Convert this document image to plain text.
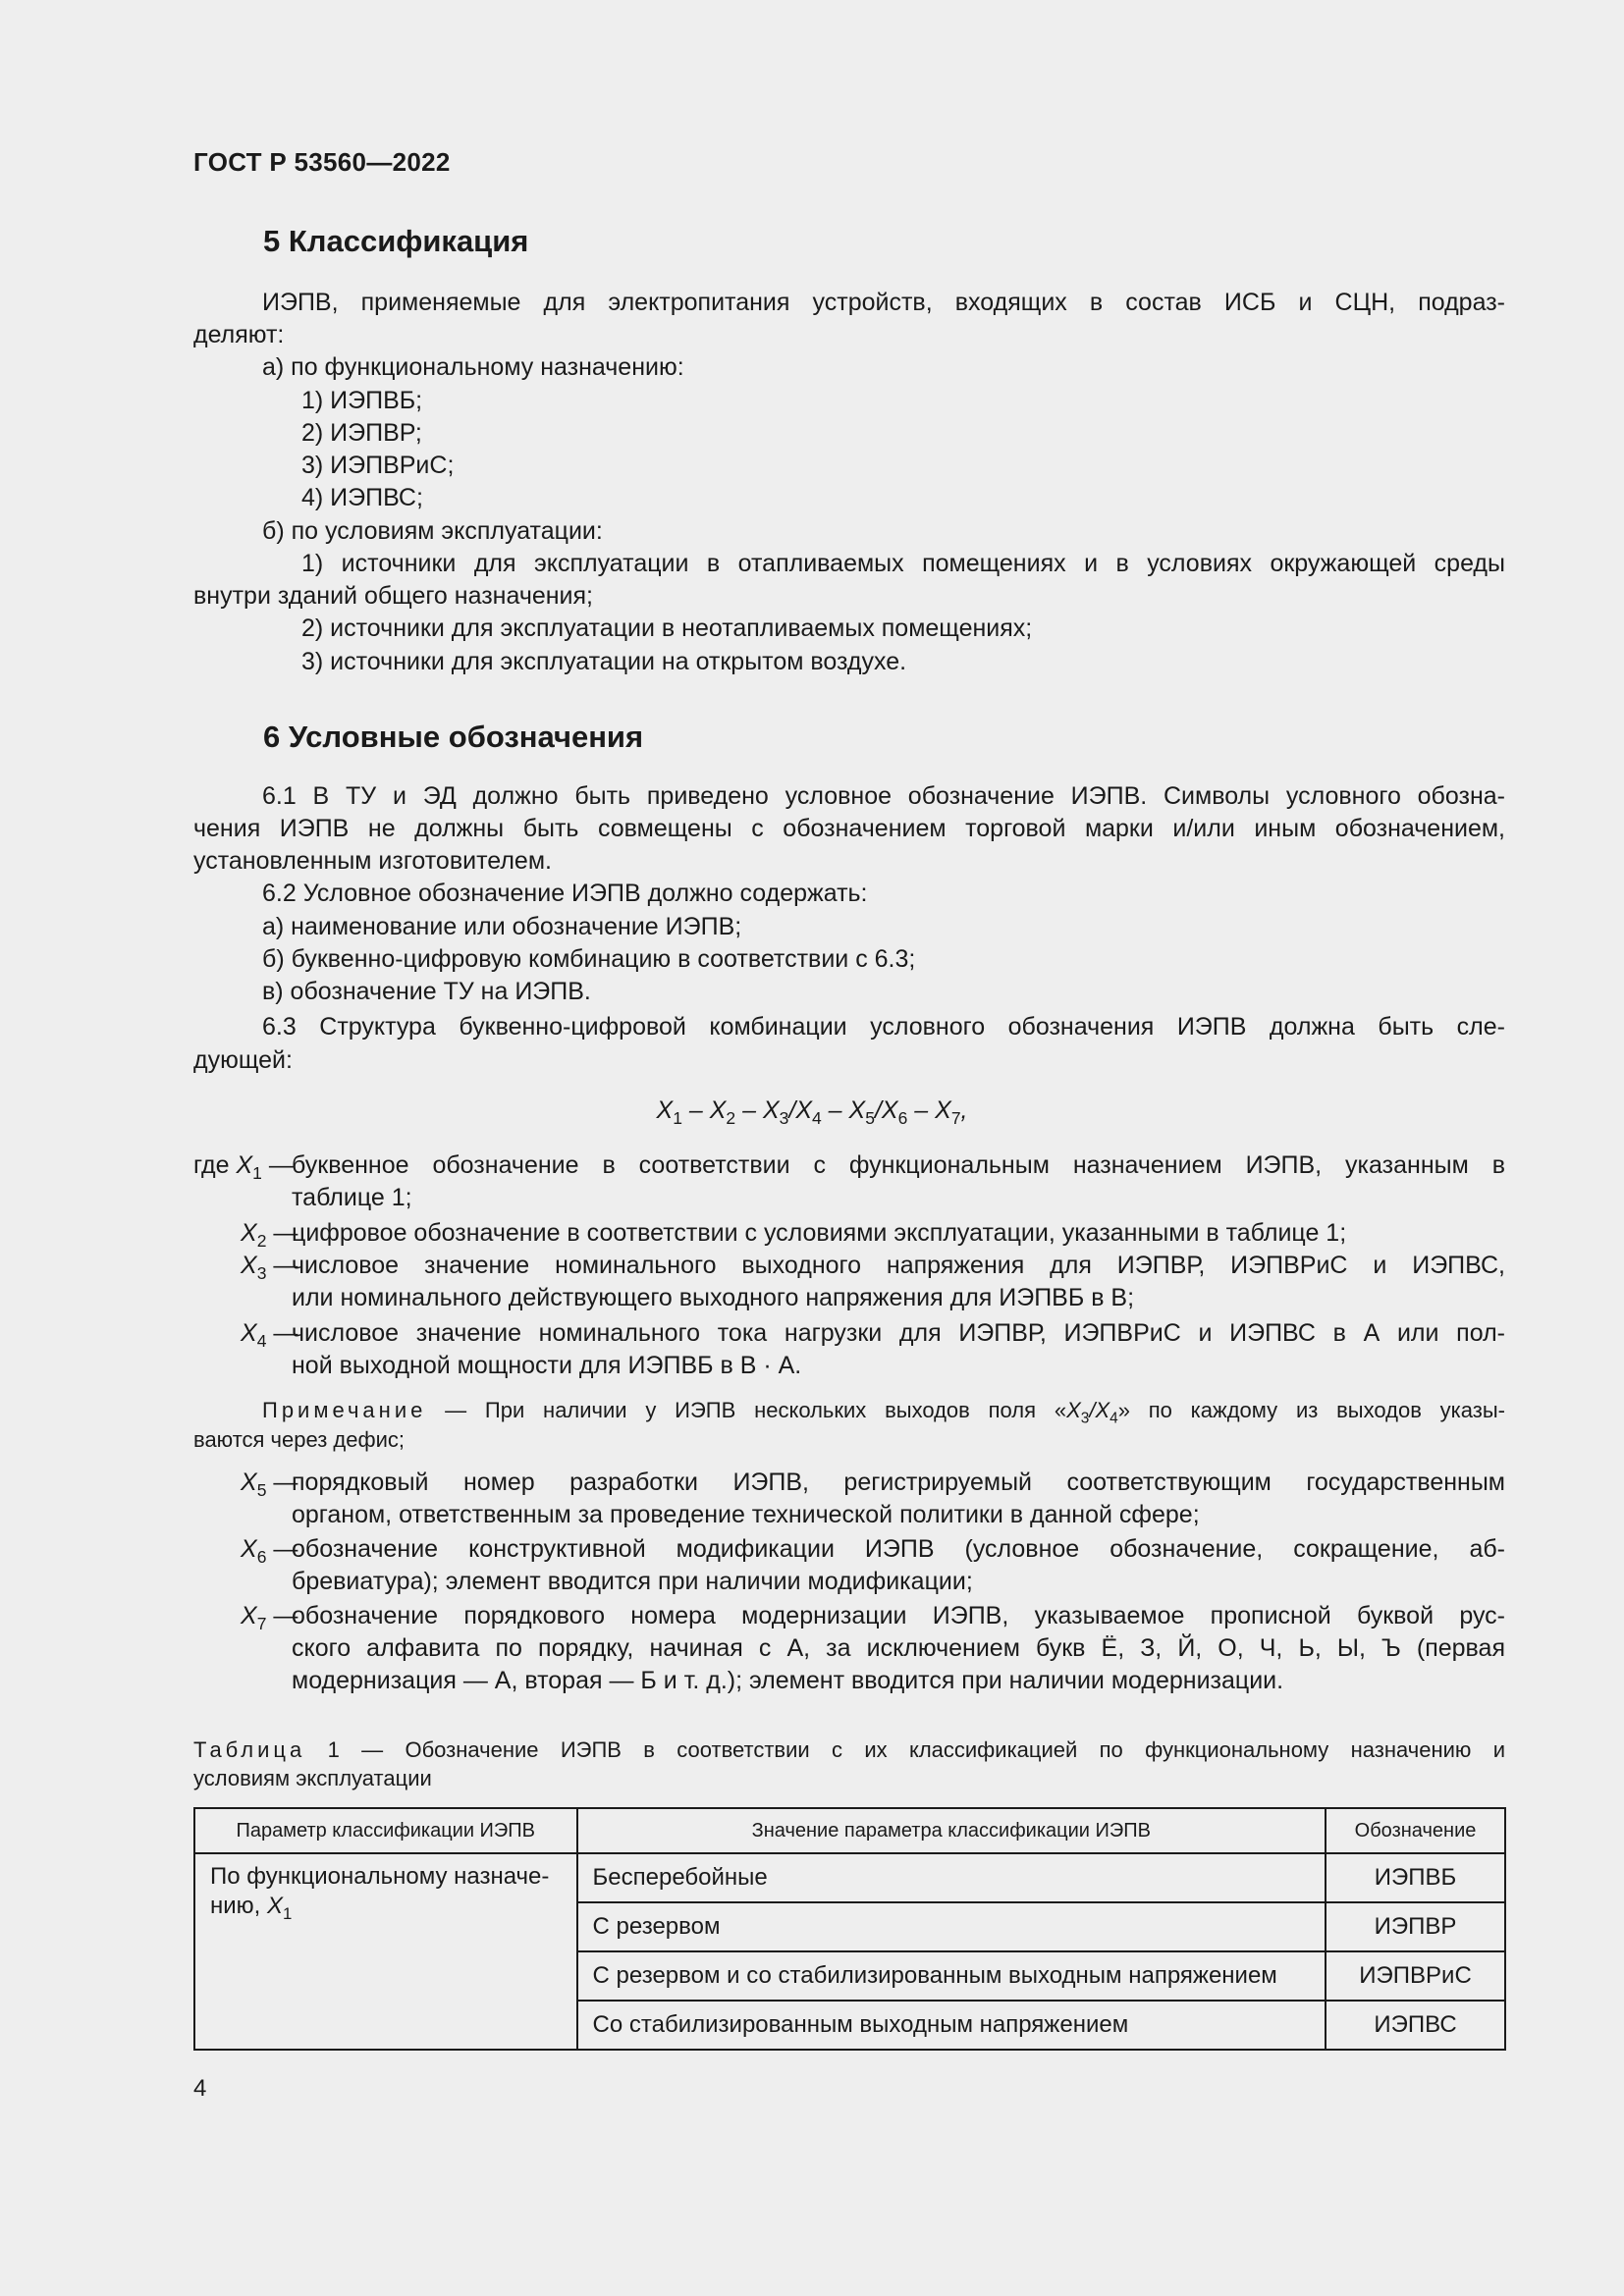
ГОСТ Р 53560—2022
5 Классификация
ИЭПВ, применяемые для электропитания устройств, входящих в состав ИСБ и СЦН, подраз-
деляют:
а) по функциональному назначению:
1) ИЭПВБ;
2) ИЭПВР;
3) ИЭПВРиС;
4) ИЭПВС;
б) по условиям эксплуатации:
1) источники для эксплуатации в отапливаемых помещениях и в условиях окружающей среды
внутри зданий общего назначения;
2) источники для эксплуатации в неотапливаемых помещениях;
3) источники для эксплуатации на открытом воздухе.
6 Условные обозначения
6.1 В ТУ и ЭД должно быть приведено условное обозначение ИЭПВ. Символы условного обозна-
чения ИЭПВ не должны быть совмещены с обозначением торговой марки и/или иным обозначением,
установленным изготовителем.
6.2 Условное обозначение ИЭПВ должно содержать:
а) наименование или обозначение ИЭПВ;
б) буквенно-цифровую комбинацию в соответствии с 6.3;
в) обозначение ТУ на ИЭПВ.
6.3 Структура буквенно-цифровой комбинации условного обозначения ИЭПВ должна быть сле-
дующей:
$X_1 - X_2 - X_3/X_4 - X_5/X_6 - X_7$,
где $X_1$ —
буквенное обозначение в соответствии с функциональным назначением ИЭПВ, указанным в
таблице 1;
$X_2$ —
цифровое обозначение в соответствии с условиями эксплуатации, указанными в таблице 1;
$X_3$ —
числовое значение номинального выходного напряжения для ИЭПВР, ИЭПВРиС и ИЭПВС,
или номинального действующего выходного напряжения для ИЭПВБ в В;
$X_4$ —
числовое значение номинального тока нагрузки для ИЭПВР, ИЭПВРиС и ИЭПВС в А или пол-
ной выходной мощности для ИЭПВБ в В · А.
Примечание — При наличии у ИЭПВ нескольких выходов поля «$X_3/X_4$» по каждому из выходов указы-
ваются через дефис;
$X_5$ —
порядковый номер разработки ИЭПВ, регистрируемый соответствующим государственным
органом, ответственным за проведение технической политики в данной сфере;
$X_6$ —
обозначение конструктивной модификации ИЭПВ (условное обозначение, сокращение, аб-
бревиатура); элемент вводится при наличии модификации;
$X_7$ —
обозначение порядкового номера модернизации ИЭПВ, указываемое прописной буквой рус-
ского алфавита по порядку, начиная с А, за исключением букв Ё, З, Й, О, Ч, Ь, Ы, Ъ (первая
модернизация — А, вторая — Б и т. д.); элемент вводится при наличии модернизации.
Таблица 1 — Обозначение ИЭПВ в соответствии с их классификацией по функциональному назначению и
условиям эксплуатации
Параметр классификации ИЭПВ	Значение параметра классификации ИЭПВ	Обозначение
По функциональному назначе-
нию, $X_1$	Бесперебойные	ИЭПВБ
	С резервом	ИЭПВР
	С резервом и со стабилизированным выходным напряжением	ИЭПВРиС
	Со стабилизированным выходным напряжением	ИЭПВС
4
